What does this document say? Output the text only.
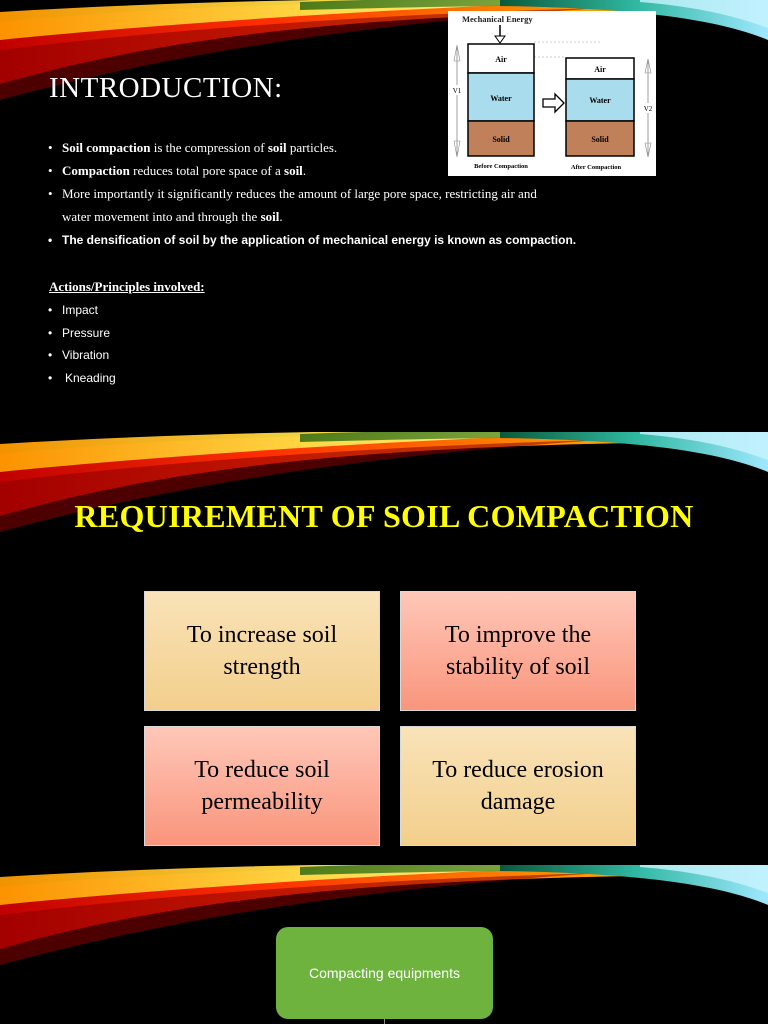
INTRODUCTION:
• Soil compaction is the compression of soil particles.
• Compaction reduces total pore space of a soil.
• More importantly it significantly reduces the amount of large pore space, restricting air and
water movement into and through the soil.
• The densification of soil by the application of mechanical energy is known as compaction.
Actions/Principles involved:
• Impact
• Pressure
• Vibration
• Kneading
Mechanical Energy
Air
Water
Solid
V1
Air
Water
Solid
V2
Before Compaction	After Compaction
REQUIREMENT OF SOIL COMPACTION
To increase soil strength
To improve the stability of soil
To reduce soil permeability
To reduce erosion damage
Compacting equipments
